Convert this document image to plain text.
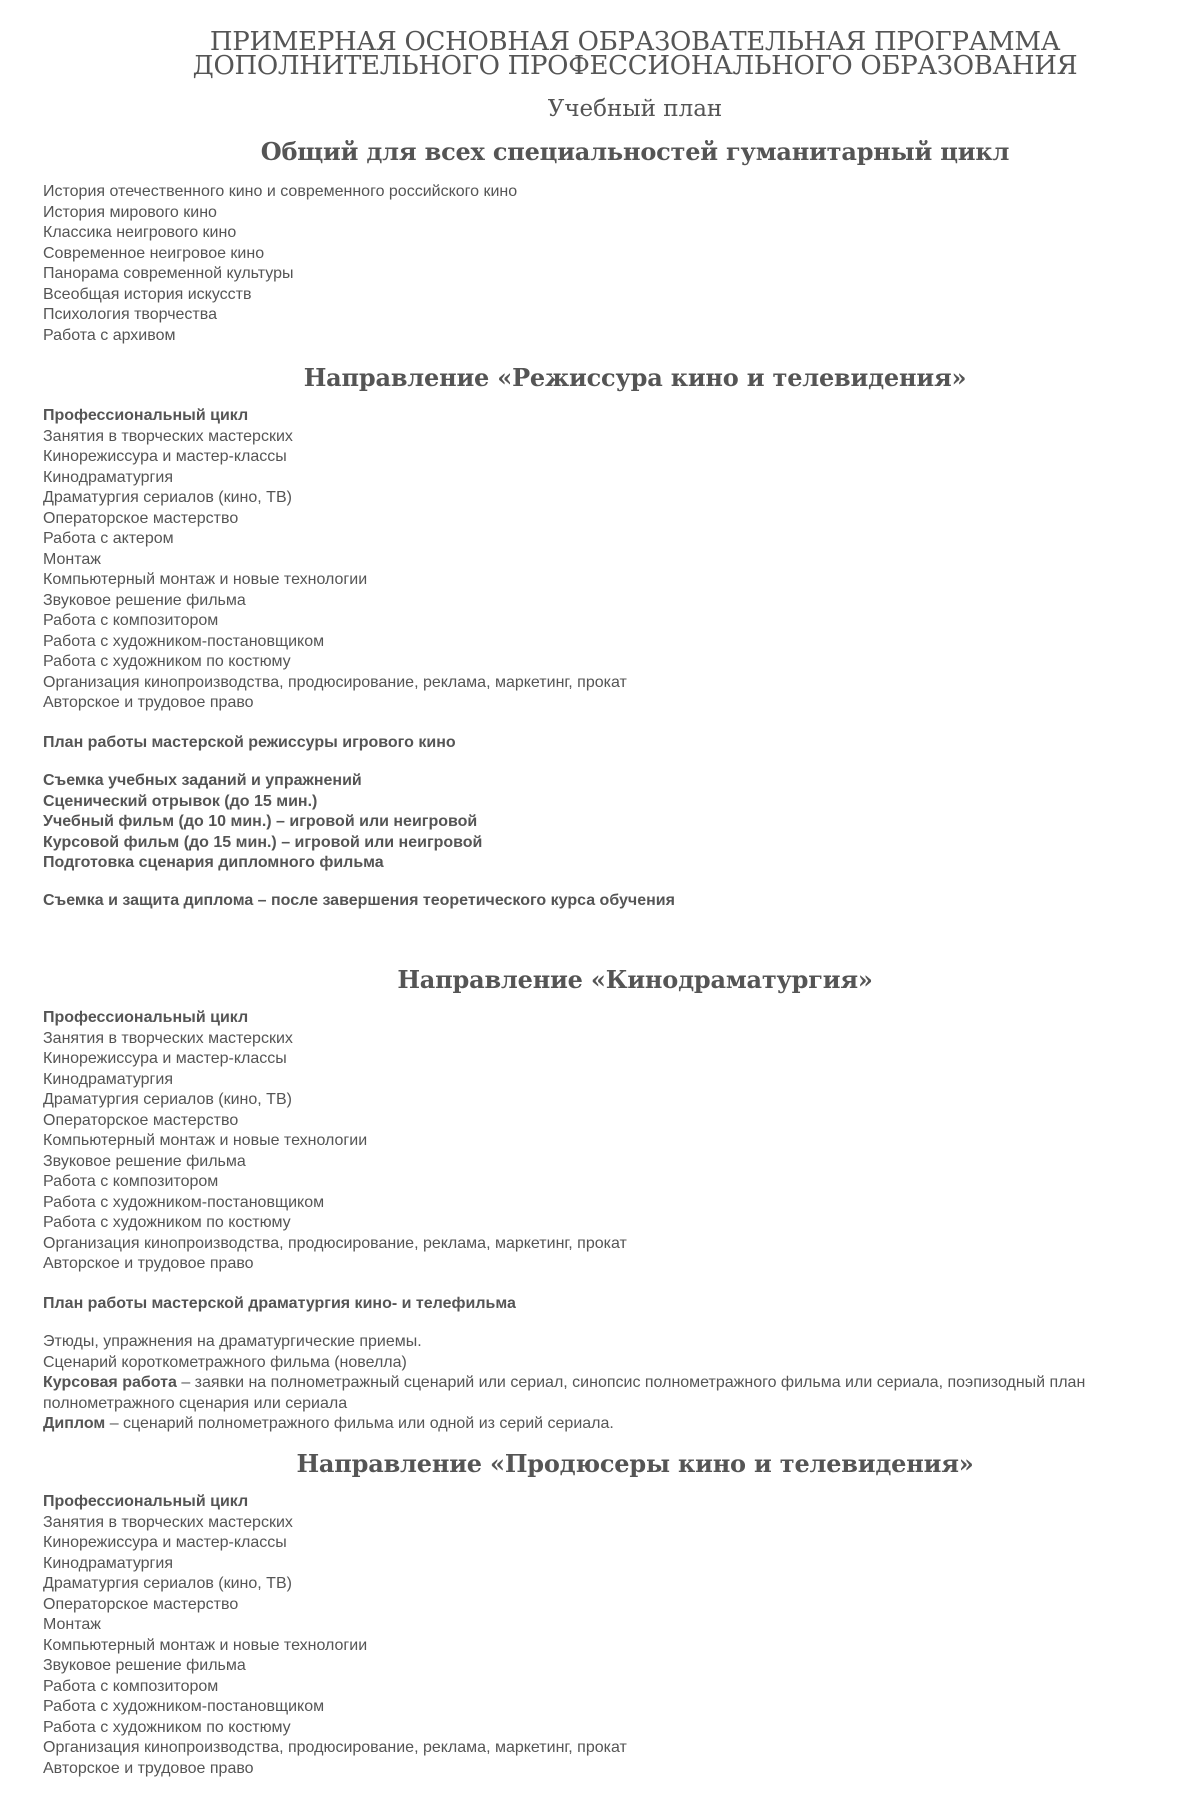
ПРИМЕРНАЯ ОСНОВНАЯ ОБРАЗОВАТЕЛЬНАЯ ПРОГРАММА
ДОПОЛНИТЕЛЬНОГО ПРОФЕССИОНАЛЬНОГО ОБРАЗОВАНИЯ
Учебный план
Общий для всех специальностей гуманитарный цикл
История отечественного кино и современного российского кино
История мирового кино
Классика неигрового кино
Современное неигровое кино
Панорама современной культуры
Всеобщая история искусств
Психология творчества
Работа с архивом
Направление «Режиссура кино и телевидения»

Профессиональный цикл

Занятия в творческих мастерских
Кинорежиссура и мастер-классы
Кинодраматургия
Драматургия сериалов (кино, ТВ)
Операторское мастерство
Работа с актером
Монтаж
Компьютерный монтаж и новые технологии
Звуковое решение фильма
Работа с композитором
Работа с художником-постановщиком
Работа с художником по костюму
Организация кинопроизводства, продюсирование, реклама, маркетинг, прокат
Авторское и трудовое право

План работы мастерской режиссуры игрового кино

Съемка учебных заданий и упражнений
Сценический отрывок (до 15 мин.)
Учебный фильм (до 10 мин.) – игровой или неигровой
Курсовой фильм (до 15 мин.) – игровой или неигровой
Подготовка сценария дипломного фильма

Съемка и защита диплома – после завершения теоретического курса обучения

Направление «Кинодраматургия»

Профессиональный цикл

Занятия в творческих мастерских
Кинорежиссура и мастер-классы
Кинодраматургия
Драматургия сериалов (кино, ТВ)
Операторское мастерство
Компьютерный монтаж и новые технологии
Звуковое решение фильма
Работа с композитором
Работа с художником-постановщиком
Работа с художником по костюму
Организация кинопроизводства, продюсирование, реклама, маркетинг, прокат
Авторское и трудовое право

План работы мастерской драматургия кино- и телефильма

Этюды, упражнения на драматургические приемы.

Сценарий короткометражного фильма (новелла)

Курсовая работа – заявки на полнометражный сценарий или сериал, синопсис полнометражного фильма или сериала, поэпизодный план полнометражного сценария или сериала

Диплом – сценарий полнометражного фильма или одной из серий сериала.

Направление «Продюсеры кино и телевидения»

Профессиональный цикл

Занятия в творческих мастерских
Кинорежиссура и мастер-классы
Кинодраматургия
Драматургия сериалов (кино, ТВ)
Операторское мастерство
Монтаж
Компьютерный монтаж и новые технологии
Звуковое решение фильма
Работа с композитором
Работа с художником-постановщиком
Работа с художником по костюму
Организация кинопроизводства, продюсирование, реклама, маркетинг, прокат
Авторское и трудовое право
